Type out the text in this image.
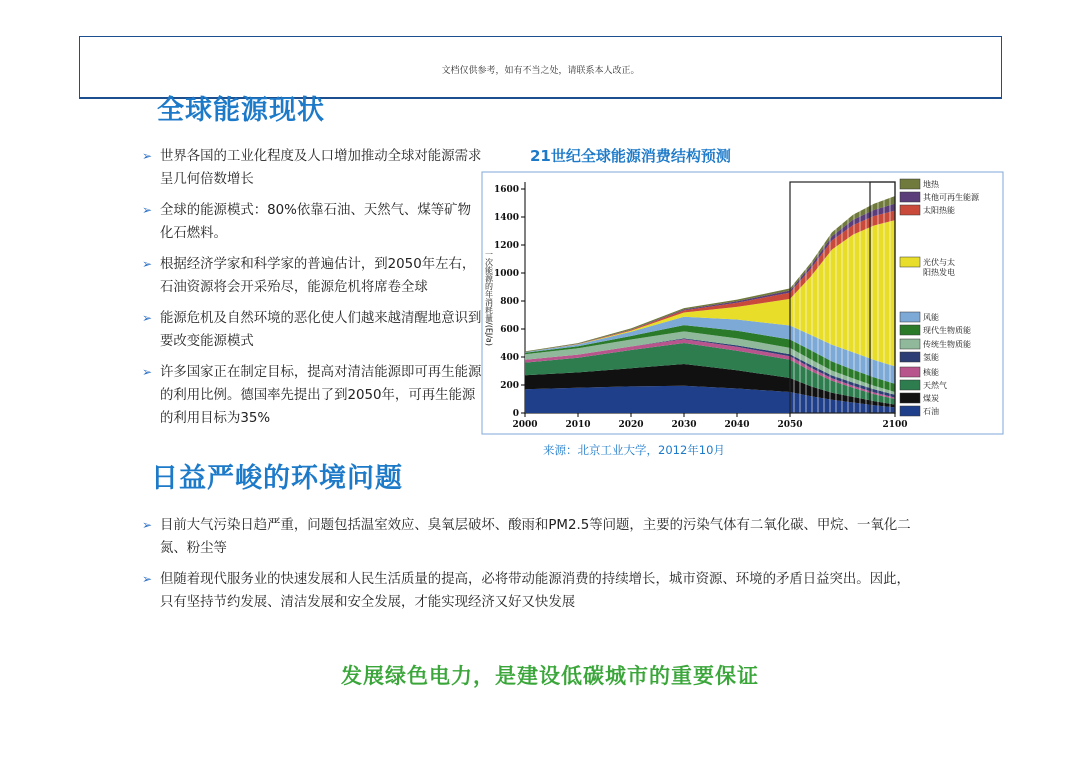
文档仅供参考，如有不当之处，请联系本人改正。
全球能源现状
➢ 世界各国的工业化程度及人口增加推动全球对能源需求呈几何倍数增长
➢ 全球的能源模式：80%依靠石油、天然气、煤等矿物化石燃料。
➢ 根据经济学家和科学家的普遍估计，到2050年左右，石油资源将会开采殆尽，能源危机将席卷全球
➢ 能源危机及自然环境的恶化使人们越来越清醒地意识到要改变能源模式
➢ 许多国家正在制定目标，提高对清洁能源即可再生能源的利用比例。德国率先提出了到2050年，可再生能源的利用目标为35%
21世纪全球能源消费结构预测
0
200
400
600
800
1000
1200
1400
1600
2000	2010	2020	2030	2040	2050	2100
一次能源的年消耗量/(EJ/a)
地热
其他可再生能源
太阳热能
光伏与太阳热发电
风能
现代生物质能
传统生物质能
氢能
核能
天然气
煤炭
石油
来源：北京工业大学，2012年10月
日益严峻的环境问题
➢ 目前大气污染日趋严重，问题包括温室效应、臭氧层破坏、酸雨和PM2.5等问题，主要的污染气体有二氧化碳、甲烷、一氧化二氮、粉尘等
➢ 但随着现代服务业的快速发展和人民生活质量的提高，必将带动能源消费的持续增长，城市资源、环境的矛盾日益突出。因此，只有坚持节约发展、清洁发展和安全发展，才能实现经济又好又快发展
发展绿色电力，是建设低碳城市的重要保证
